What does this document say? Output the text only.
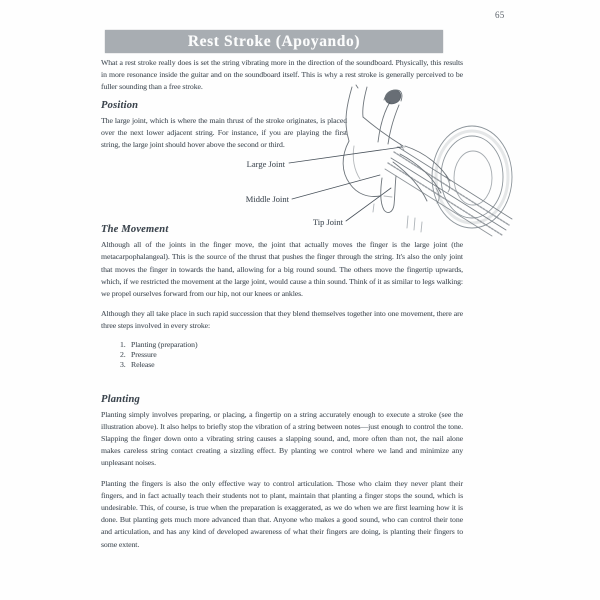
65
Rest Stroke (Apoyando)

What a rest stroke really does is set the string vibrating more in the direction of the soundboard. Physically, this results in more resonance inside the guitar and on the soundboard itself. This is why a rest stroke is generally perceived to be fuller sounding than a free stroke.

Position

The large joint, which is where the main thrust of the stroke originates, is placed over the next lower adjacent string. For instance, if you are playing the first string, the large joint should hover above the second or third.

The Movement

Although all of the joints in the finger move, the joint that actually moves the finger is the large joint (the metacarpophalangeal). This is the source of the thrust that pushes the finger through the string. It's also the only joint that moves the finger in towards the hand, allowing for a big round sound. The others move the fingertip upwards, which, if we restricted the movement at the large joint, would cause a thin sound. Think of it as similar to legs walking: we propel ourselves forward from our hip, not our knees or ankles.

Although they all take place in such rapid succession that they blend themselves together into one movement, there are three steps involved in every stroke:

1. Planting (preparation)
2. Pressure
3. Release
Planting

Planting simply involves preparing, or placing, a fingertip on a string accurately enough to execute a stroke (see the illustration above). It also helps to briefly stop the vibration of a string between notes—just enough to control the tone. Slapping the finger down onto a vibrating string causes a slapping sound, and, more often than not, the nail alone makes careless string contact creating a sizzling effect. By planting we control where we land and minimize any unpleasant noises.

Planting the fingers is also the only effective way to control articulation. Those who claim they never plant their fingers, and in fact actually teach their students not to plant, maintain that planting a finger stops the sound, which is undesirable. This, of course, is true when the preparation is exaggerated, as we do when we are first learning how it is done. But planting gets much more advanced than that. Anyone who makes a good sound, who can control their tone and articulation, and has any kind of developed awareness of what their fingers are doing, is planting their fingers to some extent.

Large Joint
Middle Joint
Tip Joint
